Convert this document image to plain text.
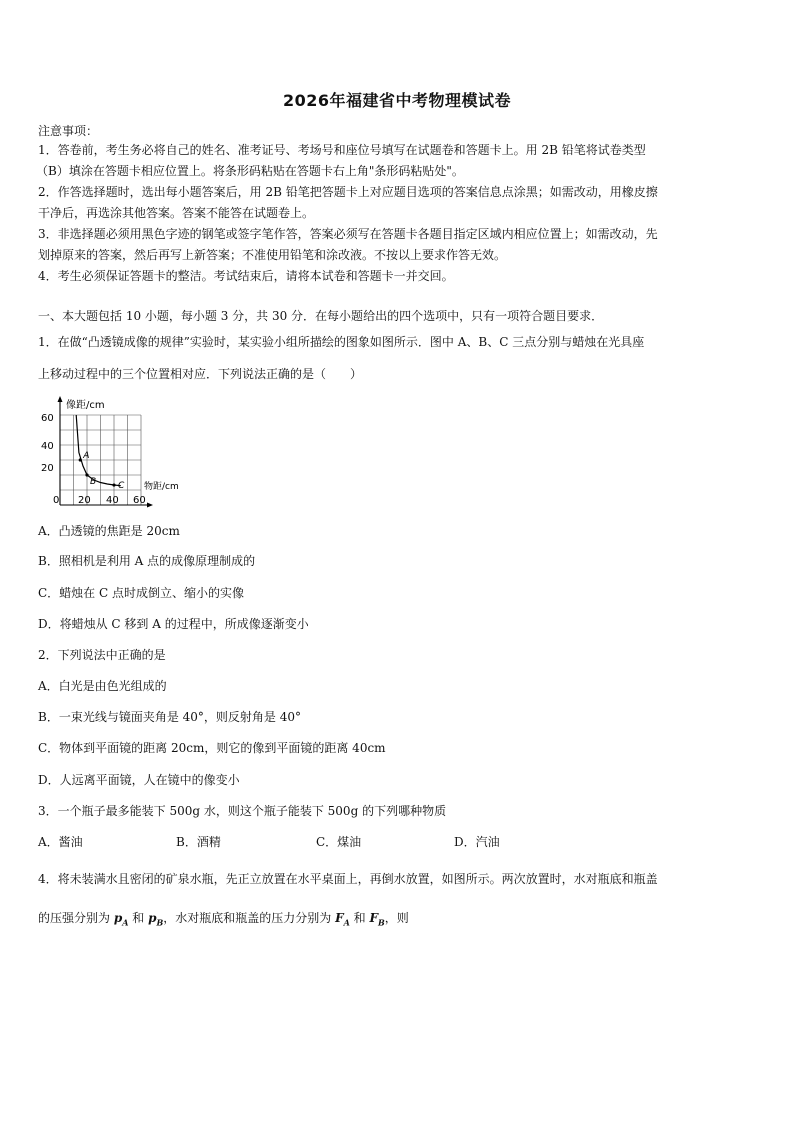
2026年福建省中考物理模试卷
注意事项：
1．答卷前，考生务必将自己的姓名、准考证号、考场号和座位号填写在试题卷和答题卡上。用 2B 铅笔将试卷类型
（B）填涂在答题卡相应位置上。将条形码粘贴在答题卡右上角"条形码粘贴处"。
2．作答选择题时，选出每小题答案后，用 2B 铅笔把答题卡上对应题目选项的答案信息点涂黑；如需改动，用橡皮擦
干净后，再选涂其他答案。答案不能答在试题卷上。
3．非选择题必须用黑色字迹的钢笔或签字笔作答，答案必须写在答题卡各题目指定区域内相应位置上；如需改动，先
划掉原来的答案，然后再写上新答案；不准使用铅笔和涂改液。不按以上要求作答无效。
4．考生必须保证答题卡的整洁。考试结束后，请将本试卷和答题卡一并交回。
一、本大题包括 10 小题，每小题 3 分，共 30 分．在每小题给出的四个选项中，只有一项符合题目要求．
1．在做“凸透镜成像的规律”实验时，某实验小组所描绘的图象如图所示．图中 A、B、C 三点分别与蜡烛在光具座
上移动过程中的三个位置相对应．下列说法正确的是（　　）
像距/cm
物距/cm
60
40
20
0 20 40 60
A
B C
A．凸透镜的焦距是 20cm
B．照相机是利用 A 点的成像原理制成的
C．蜡烛在 C 点时成倒立、缩小的实像
D．将蜡烛从 C 移到 A 的过程中，所成像逐渐变小
2．下列说法中正确的是
A．白光是由色光组成的
B．一束光线与镜面夹角是 40°，则反射角是 40°
C．物体到平面镜的距离 20cm，则它的像到平面镜的距离 40cm
D．人远离平面镜，人在镜中的像变小
3．一个瓶子最多能装下 500g 水，则这个瓶子能装下 500g 的下列哪种物质
A．酱油	B．酒精	C．煤油	D．汽油
4．将未装满水且密闭的矿泉水瓶，先正立放置在水平桌面上，再倒水放置，如图所示。两次放置时，水对瓶底和瓶盖
的压强分别为 $p_A$ 和 $p_B$，水对瓶底和瓶盖的压力分别为 $F_A$ 和 $F_B$，则
